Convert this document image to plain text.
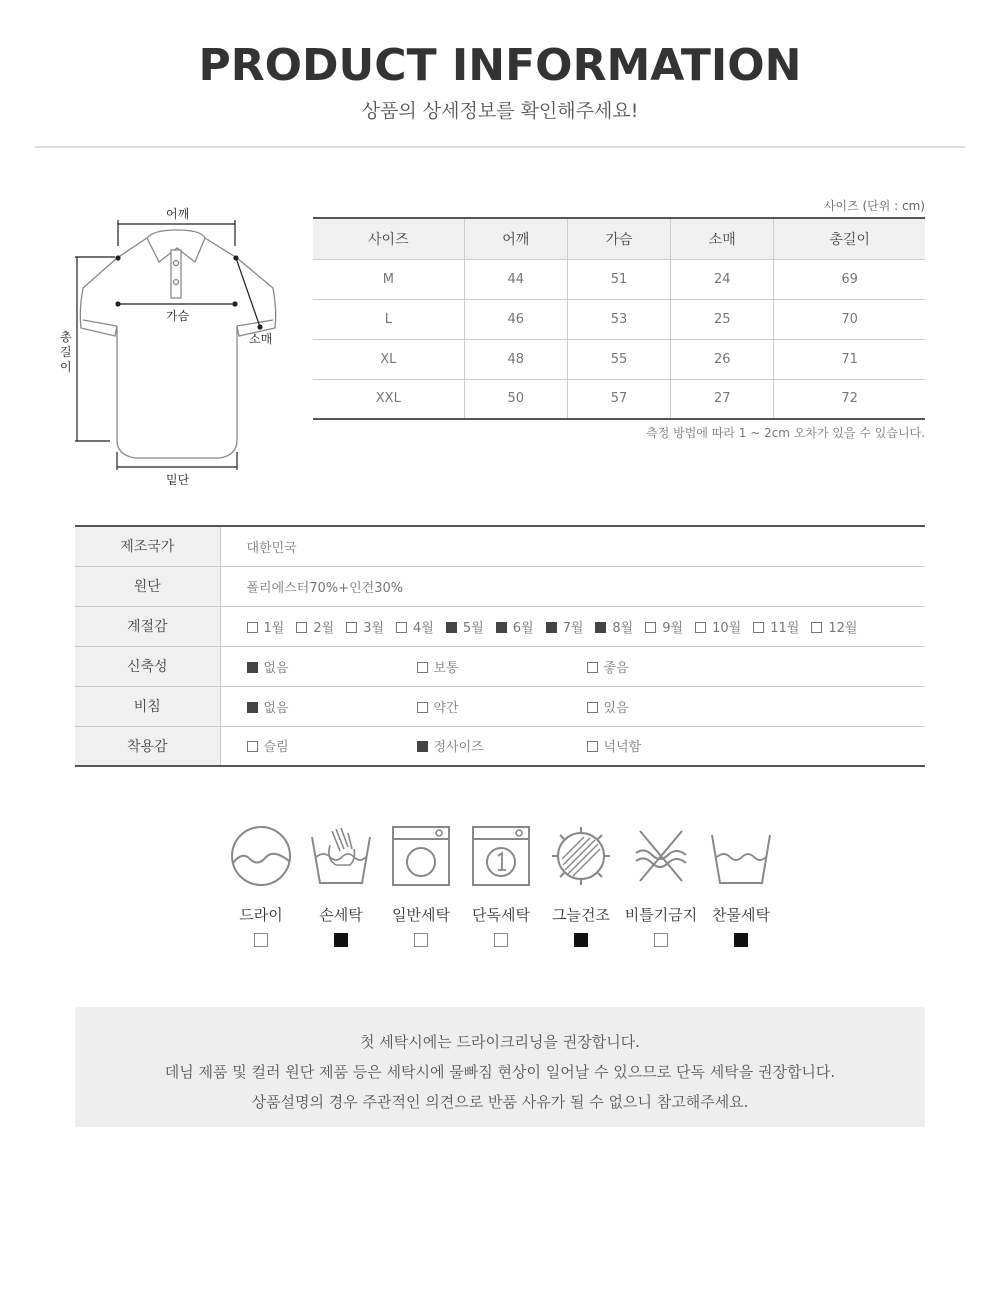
PRODUCT INFORMATION
상품의 상세정보를 확인해주세요!
어깨
가슴
소매
총길이
밑단
사이즈 (단위 : cm)
사이즈	어깨	가슴	소매	총길이
M	44	51	24	69
L	46	53	25	70
XL	48	55	26	71
XXL	50	57	27	72
측정 방법에 따라 1 ~ 2cm 오차가 있을 수 있습니다.
제조국가	대한민국
원단	폴리에스터70%+인견30%
계절감	1월 2월 3월 4월 5월 6월 7월 8월 9월 10월 11월 12월
신축성	없음 보통 좋음
비침	없음 약간 있음
착용감	슬림 정사이즈 넉넉함
드라이	손세탁	일반세탁	단독세탁	그늘건조 비틀기금지 찬물세탁

첫 세탁시에는 드라이크리닝을 권장합니다.

데님 제품 및 컬러 원단 제품 등은 세탁시에 물빠짐 현상이 일어날 수 있으므로 단독 세탁을 권장합니다.

상품설명의 경우 주관적인 의견으로 반품 사유가 될 수 없으니 참고해주세요.
